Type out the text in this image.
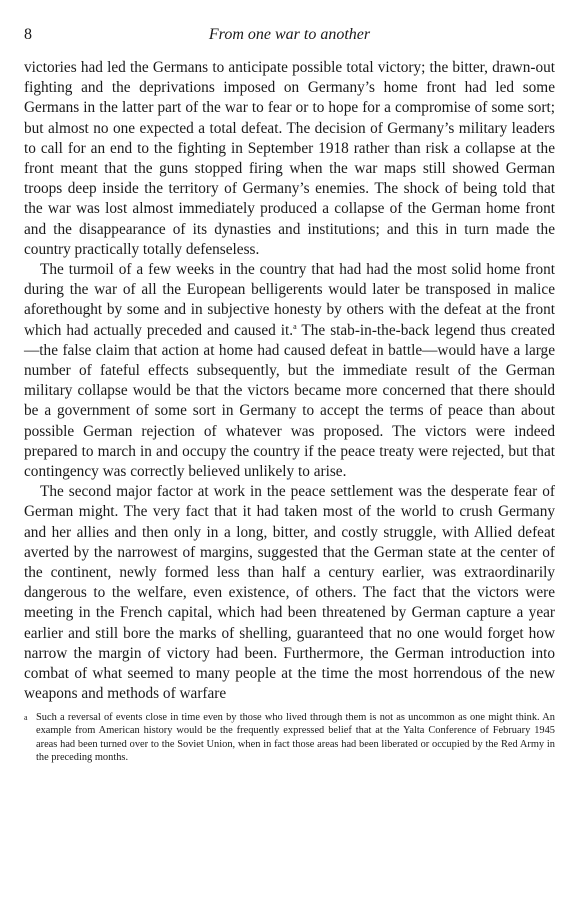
8	From one war to another

victories had led the Germans to anticipate possible total victory; the bitter, drawn-out fighting and the deprivations imposed on Germany’s home front had led some Germans in the latter part of the war to fear or to hope for a compromise of some sort; but almost no one expected a total defeat. The decision of Germany’s military leaders to call for an end to the fighting in September 1918 rather than risk a collapse at the front meant that the guns stopped firing when the war maps still showed German troops deep inside the territory of Germany’s enemies. The shock of being told that the war was lost almost immediately produced a collapse of the German home front and the disappearance of its dynasties and institutions; and this in turn made the country practically totally defenseless.

The turmoil of a few weeks in the country that had had the most solid home front during the war of all the European belligerents would later be transposed in malice aforethought by some and in subjective honesty by others with the defeat at the front which had actually preceded and caused it.$^a$ The stab-in-the-back legend thus created—the false claim that action at home had caused defeat in battle—would have a large number of fateful effects subsequently, but the immediate result of the German military collapse would be that the victors became more concerned that there should be a government of some sort in Germany to accept the terms of peace than about possible German rejection of whatever was proposed. The victors were indeed prepared to march in and occupy the country if the peace treaty were rejected, but that contingency was correctly believed unlikely to arise.

The second major factor at work in the peace settlement was the desperate fear of German might. The very fact that it had taken most of the world to crush Germany and her allies and then only in a long, bitter, and costly struggle, with Allied defeat averted by the narrowest of margins, suggested that the German state at the center of the continent, newly formed less than half a century earlier, was extraordinarily dangerous to the welfare, even existence, of others. The fact that the victors were meeting in the French capital, which had been threatened by German capture a year earlier and still bore the marks of shelling, guaranteed that no one would forget how narrow the margin of victory had been. Furthermore, the German introduction into combat of what seemed to many people at the time the most horrendous of the new weapons and methods of warfare

a Such a reversal of events close in time even by those who lived through them is not as uncommon as one might think. An example from American history would be the frequently expressed belief that at the Yalta Conference of February 1945 areas had been turned over to the Soviet Union, when in fact those areas had been liberated or occupied by the Red Army in the preceding months.
